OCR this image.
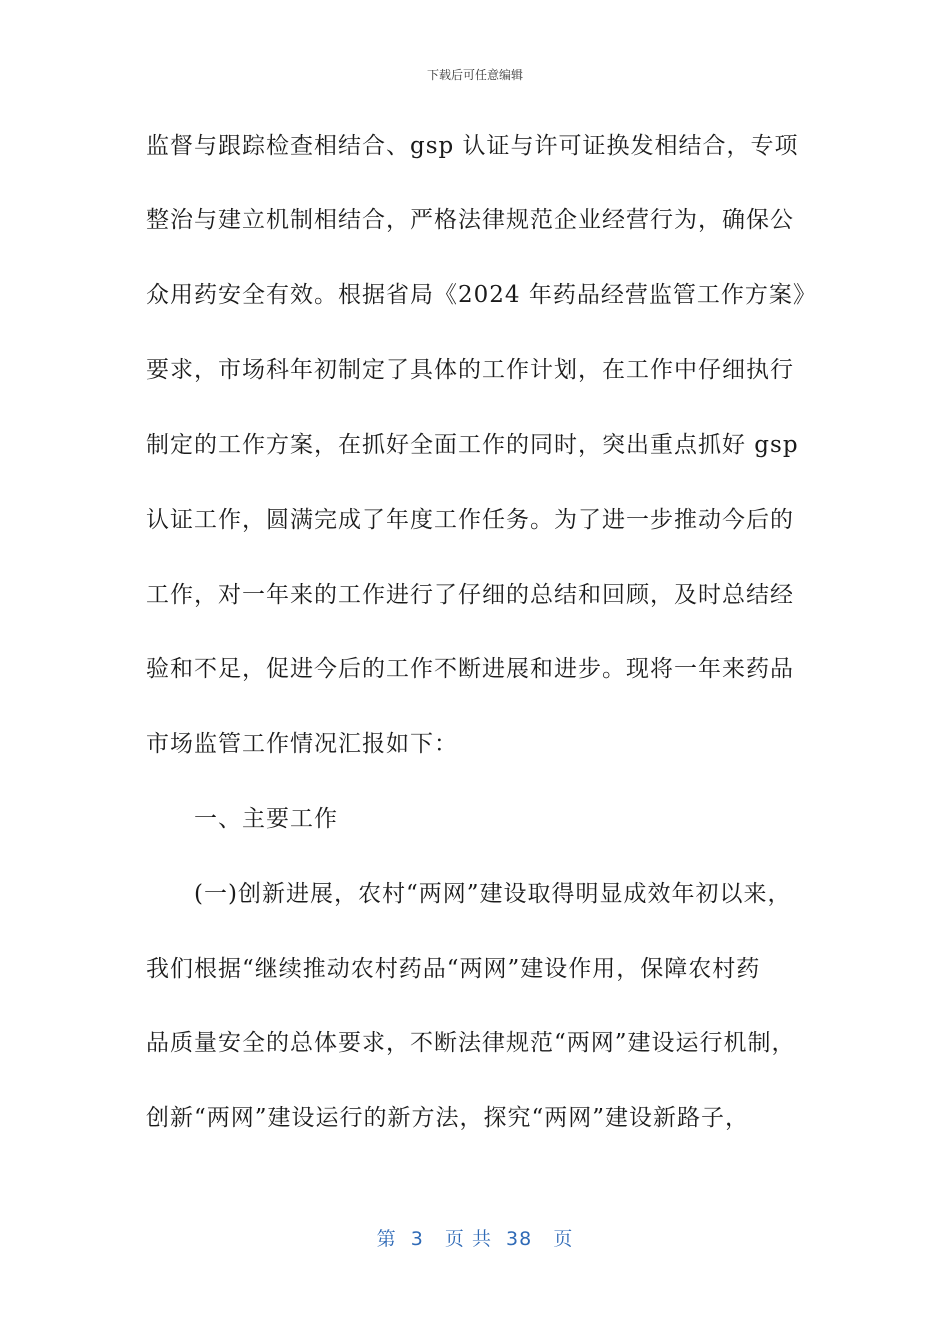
下载后可任意编辑
监督与跟踪检查相结合、gsp 认证与许可证换发相结合，专项
整治与建立机制相结合，严格法律规范企业经营行为，确保公
众用药安全有效。根据省局《2024 年药品经营监管工作方案》
要求，市场科年初制定了具体的工作计划，在工作中仔细执行
制定的工作方案，在抓好全面工作的同时，突出重点抓好 gsp
认证工作，圆满完成了年度工作任务。为了进一步推动今后的
工作，对一年来的工作进行了仔细的总结和回顾，及时总结经
验和不足，促进今后的工作不断进展和进步。现将一年来药品
市场监管工作情况汇报如下：
一、主要工作
(一)创新进展，农村“两网”建设取得明显成效年初以来，
我们根据“继续推动农村药品“两网”建设作用，保障农村药
品质量安全的总体要求，不断法律规范“两网”建设运行机制，
创新“两网”建设运行的新方法，探究“两网”建设新路子，
第  3   页 共  38   页
